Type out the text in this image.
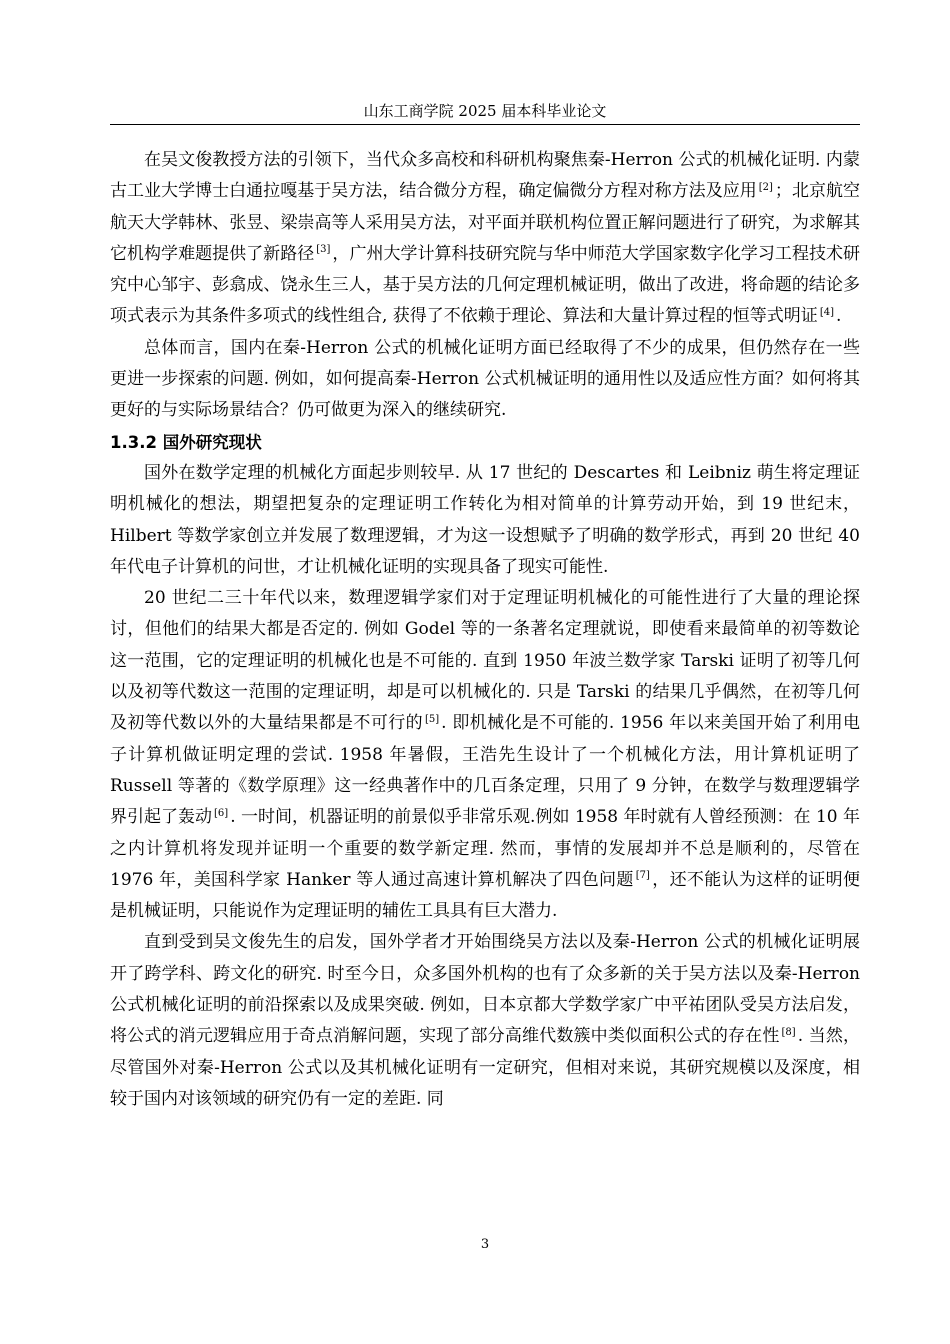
山东工商学院 2025 届本科毕业论文

在吴文俊教授方法的引领下，当代众多高校和科研机构聚焦秦-Herron 公式的机械化证明. 内蒙古工业大学博士白通拉嘎基于吴方法，结合微分方程，确定偏微分方程对称方法及应用 [2] ；北京航空航天大学韩林、张昱、梁崇高等人采用吴方法，对平面并联机构位置正解问题进行了研究，为求解其它机构学难题提供了新路径 [3] ，广州大学计算科技研究院与华中师范大学国家数字化学习工程技术研究中心邹宇、彭翕成、饶永生三人，基于吴方法的几何定理机械证明，做出了改进，将命题的结论多项式表示为其条件多项式的线性组合, 获得了不依赖于理论、算法和大量计算过程的恒等式明证 [4] .

总体而言，国内在秦-Herron 公式的机械化证明方面已经取得了不少的成果，但仍然存在一些更进一步探索的问题. 例如，如何提高秦-Herron 公式机械证明的通用性以及适应性方面？如何将其更好的与实际场景结合？仍可做更为深入的继续研究.

1.3.2 国外研究现状

国外在数学定理的机械化方面起步则较早. 从 17 世纪的 Descartes 和 Leibniz 萌生将定理证明机械化的想法，期望把复杂的定理证明工作转化为相对简单的计算劳动开始，到 19 世纪末，Hilbert 等数学家创立并发展了数理逻辑，才为这一设想赋予了明确的数学形式，再到 20 世纪 40 年代电子计算机的问世，才让机械化证明的实现具备了现实可能性.

20 世纪二三十年代以来，数理逻辑学家们对于定理证明机械化的可能性进行了大量的理论探讨，但他们的结果大都是否定的. 例如 Godel 等的一条著名定理就说，即使看来最简单的初等数论这一范围，它的定理证明的机械化也是不可能的. 直到 1950 年波兰数学家 Tarski 证明了初等几何以及初等代数这一范围的定理证明，却是可以机械化的. 只是 Tarski 的结果几乎偶然，在初等几何及初等代数以外的大量结果都是不可行的 [5] . 即机械化是不可能的. 1956 年以来美国开始了利用电子计算机做证明定理的尝试. 1958 年暑假，王浩先生设计了一个机械化方法，用计算机证明了 Russell 等著的《数学原理》这一经典著作中的几百条定理，只用了 9 分钟，在数学与数理逻辑学界引起了轰动 [6] . 一时间，机器证明的前景似乎非常乐观.例如 1958 年时就有人曾经预测：在 10 年之内计算机将发现并证明一个重要的数学新定理. 然而，事情的发展却并不总是顺利的，尽管在 1976 年，美国科学家 Hanker 等人通过高速计算机解决了四色问题 [7] ，还不能认为这样的证明便是机械证明，只能说作为定理证明的辅佐工具具有巨大潜力.

直到受到吴文俊先生的启发，国外学者才开始围绕吴方法以及秦-Herron 公式的机械化证明展开了跨学科、跨文化的研究. 时至今日，众多国外机构的也有了众多新的关于吴方法以及秦-Herron 公式机械化证明的前沿探索以及成果突破. 例如，日本京都大学数学家广中平祐团队受吴方法启发，将公式的消元逻辑应用于奇点消解问题，实现了部分高维代数簇中类似面积公式的存在性 [8] . 当然，尽管国外对秦-Herron 公式以及其机械化证明有一定研究，但相对来说，其研究规模以及深度，相较于国内对该领域的研究仍有一定的差距. 同

3
